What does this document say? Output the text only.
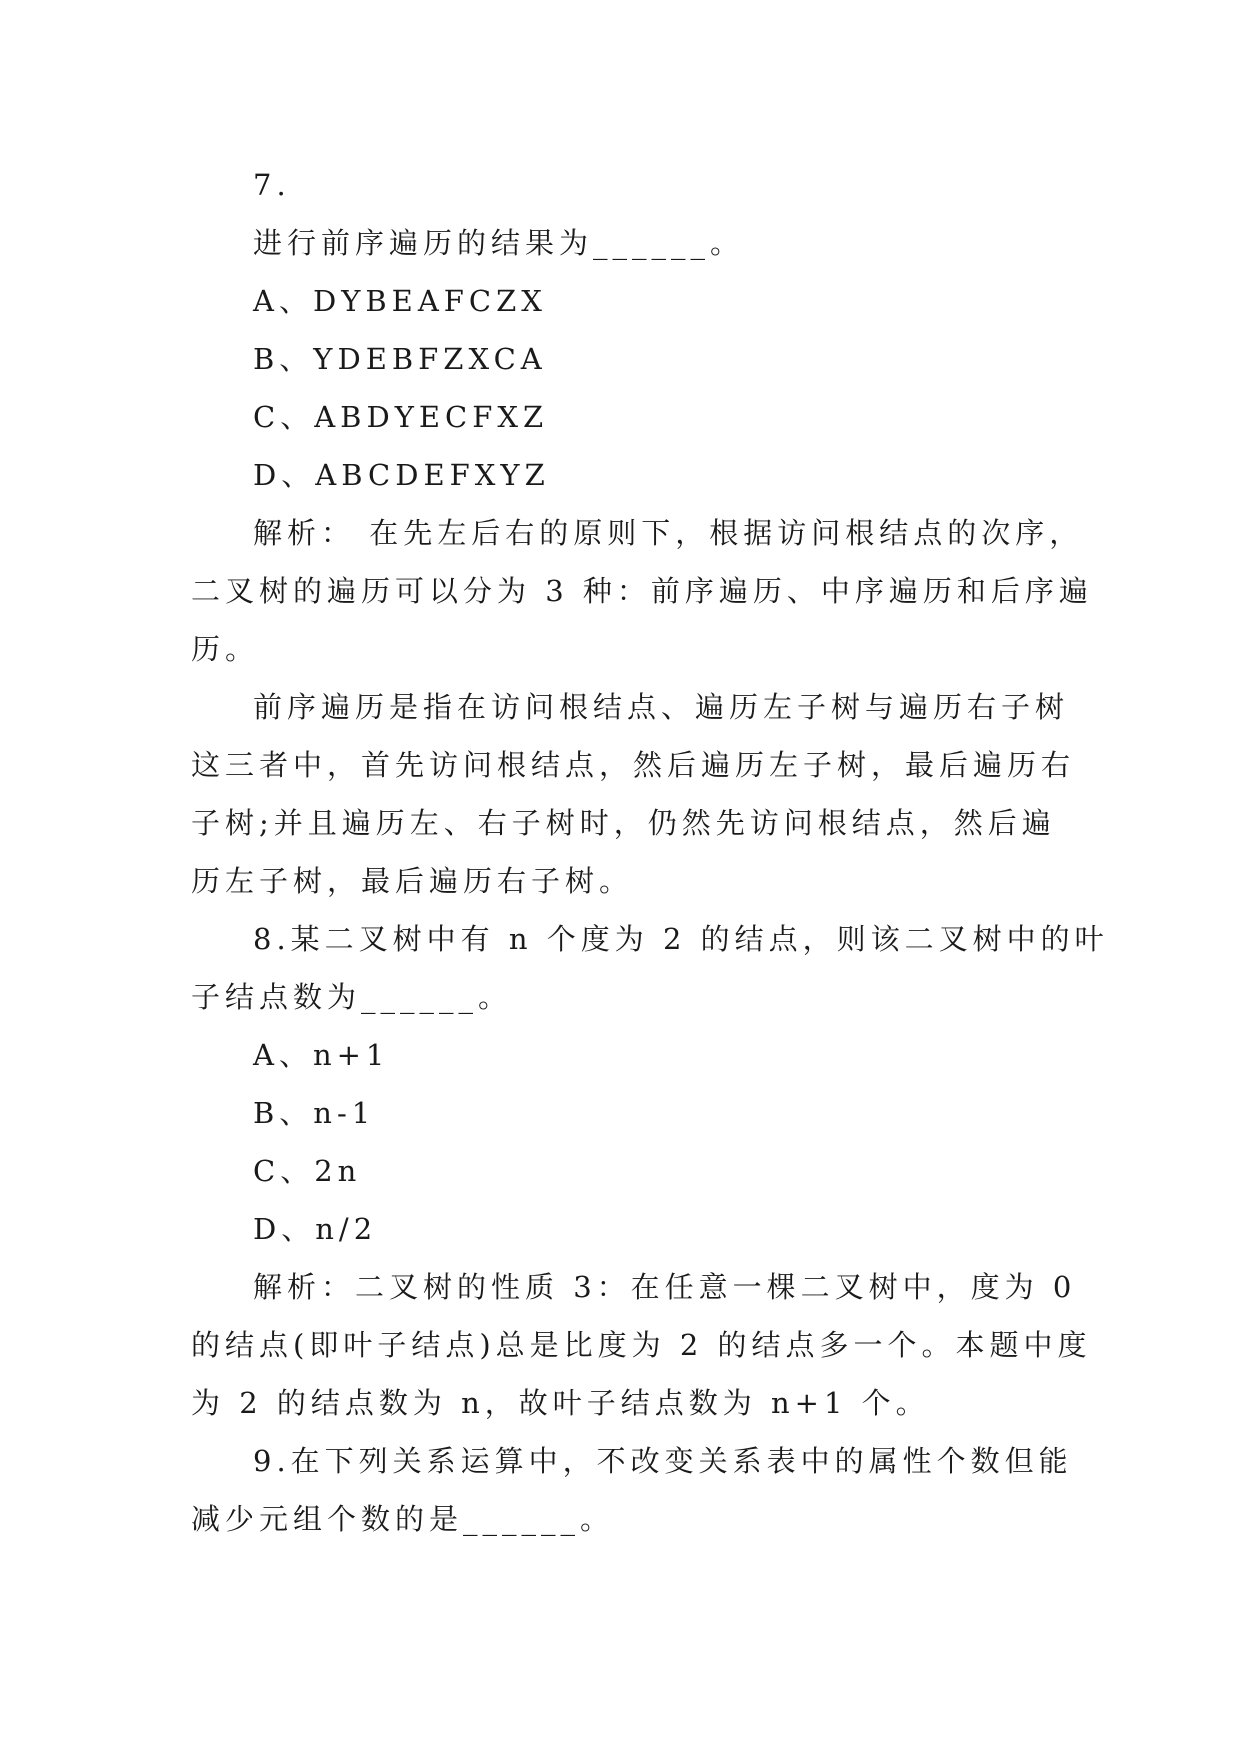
7.

进行前序遍历的结果为______。

A、DYBEAFCZX

B、YDEBFZXCA

C、ABDYECFXZ

D、ABCDEFXYZ

解析： 在先左后右的原则下，根据访问根结点的次序，

二叉树的遍历可以分为 3 种：前序遍历、中序遍历和后序遍

历。

前序遍历是指在访问根结点、遍历左子树与遍历右子树

这三者中，首先访问根结点，然后遍历左子树，最后遍历右

子树;并且遍历左、右子树时，仍然先访问根结点，然后遍

历左子树，最后遍历右子树。

8.某二叉树中有 n 个度为 2 的结点，则该二叉树中的叶

子结点数为______。

A、n+1

B、n-1

C、2n

D、n/2

解析：二叉树的性质 3：在任意一棵二叉树中，度为 0

的结点(即叶子结点)总是比度为 2 的结点多一个。本题中度

为 2 的结点数为 n，故叶子结点数为 n+1 个。

9.在下列关系运算中，不改变关系表中的属性个数但能

减少元组个数的是______。
